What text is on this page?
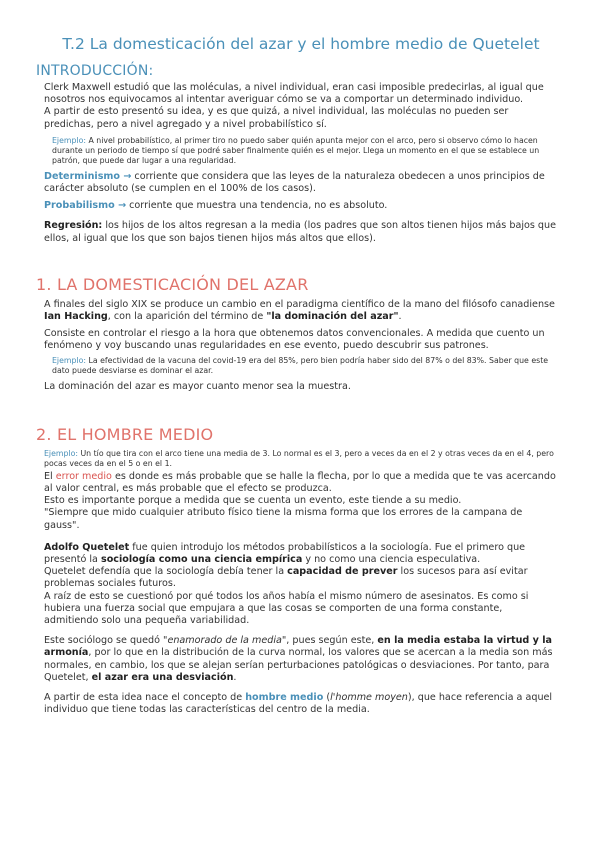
T.2 La domesticación del azar y el hombre medio de Quetelet
INTRODUCCIÓN:

Clerk Maxwell estudió que las moléculas, a nivel individual, eran casi imposible predecirlas, al igual que nosotros nos equivocamos al intentar averiguar cómo se va a comportar un determinado individuo.

A partir de esto presentó su idea, y es que quizá, a nivel individual, las moléculas no pueden ser predichas, pero a nivel agregado y a nivel probabilístico sí.

Ejemplo: A nivel probabilístico, al primer tiro no puedo saber quién apunta mejor con el arco, pero si observo cómo lo hacen durante un periodo de tiempo sí que podré saber finalmente quién es el mejor. Llega un momento en el que se establece un patrón, que puede dar lugar a una regularidad.

Determinismo → corriente que considera que las leyes de la naturaleza obedecen a unos principios de carácter absoluto (se cumplen en el 100% de los casos).

Probabilismo → corriente que muestra una tendencia, no es absoluto.

Regresión: los hijos de los altos regresan a la media (los padres que son altos tienen hijos más bajos que ellos, al igual que los que son bajos tienen hijos más altos que ellos).

1. LA DOMESTICACIÓN DEL AZAR

A finales del siglo XIX se produce un cambio en el paradigma científico de la mano del filósofo canadiense Ian Hacking, con la aparición del término de "la dominación del azar".

Consiste en controlar el riesgo a la hora que obtenemos datos convencionales. A medida que cuento un fenómeno y voy buscando unas regularidades en ese evento, puedo descubrir sus patrones.

Ejemplo: La efectividad de la vacuna del covid-19 era del 85%, pero bien podría haber sido del 87% o del 83%. Saber que este dato puede desviarse es dominar el azar.

La dominación del azar es mayor cuanto menor sea la muestra.

2. EL HOMBRE MEDIO

Ejemplo: Un tío que tira con el arco tiene una media de 3. Lo normal es el 3, pero a veces da en el 2 y otras veces da en el 4, pero pocas veces da en el 5 o en el 1.

El error medio es donde es más probable que se halle la flecha, por lo que a medida que te vas acercando al valor central, es más probable que el efecto se produzca.

Esto es importante porque a medida que se cuenta un evento, este tiende a su medio.

"Siempre que mido cualquier atributo físico tiene la misma forma que los errores de la campana de gauss".

Adolfo Quetelet fue quien introdujo los métodos probabilísticos a la sociología. Fue el primero que presentó la sociología como una ciencia empírica y no como una ciencia especulativa.

Quetelet defendía que la sociología debía tener la capacidad de prever los sucesos para así evitar problemas sociales futuros.

A raíz de esto se cuestionó por qué todos los años había el mismo número de asesinatos. Es como si hubiera una fuerza social que empujara a que las cosas se comporten de una forma constante, admitiendo solo una pequeña variabilidad.

Este sociólogo se quedó "enamorado de la media", pues según este, en la media estaba la virtud y la armonía, por lo que en la distribución de la curva normal, los valores que se acercan a la media son más normales, en cambio, los que se alejan serían perturbaciones patológicas o desviaciones. Por tanto, para Quetelet, el azar era una desviación.

A partir de esta idea nace el concepto de hombre medio (l'homme moyen), que hace referencia a aquel individuo que tiene todas las características del centro de la media.
